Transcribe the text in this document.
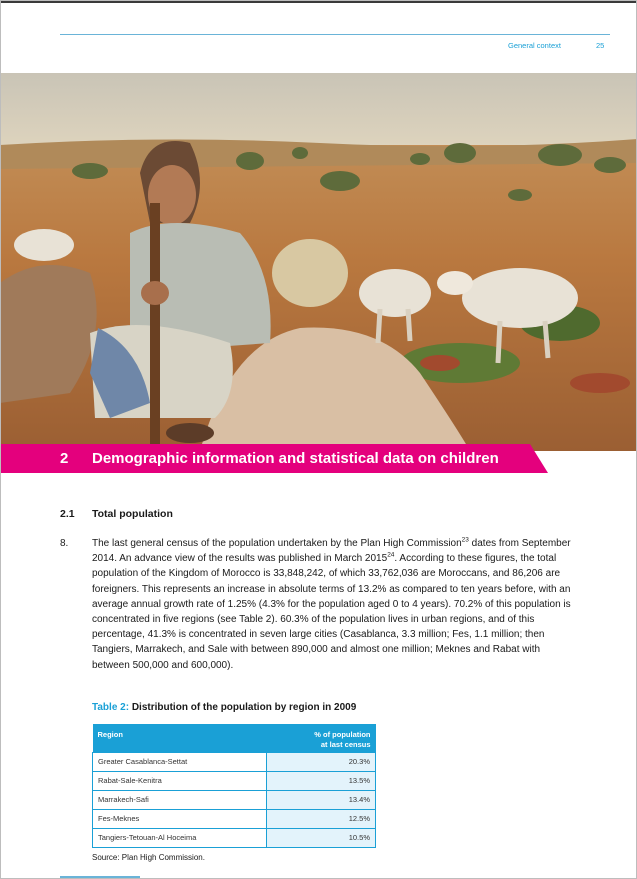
General context	25
2 Demographic information and statistical data on children
2.1 Total population
8. The last general census of the population undertaken by the Plan High Commission$^{23}$ dates from September 2014. An advance view of the results was published in March 2015$^{24}$. According to these figures, the total population of the Kingdom of Morocco is 33,848,242, of which 33,762,036 are Moroccans, and 86,206 are foreigners. This represents an increase in absolute terms of 13.2% as compared to ten years before, with an average annual growth rate of 1.25% (4.3% for the population aged 0 to 4 years). 70.2% of this population is concentrated in five regions (see Table 2). 60.3% of the population lives in urban regions, and of this percentage, 41.3% is concentrated in seven large cities (Casablanca, 3.3 million; Fes, 1.1 million; then Tangiers, Marrakech, and Sale with between 890,000 and almost one million; Meknes and Rabat with between 500,000 and 600,000).
Table 2: Distribution of the population by region in 2009
Region	% of population
at last census
Greater Casablanca-Settat	20.3%
Rabat-Sale-Kenitra	13.5%
Marrakech-Safi	13.4%
Fes-Meknes	12.5%
Tangiers-Tetouan-Al Hoceima	10.5%
Source: Plan High Commission.
